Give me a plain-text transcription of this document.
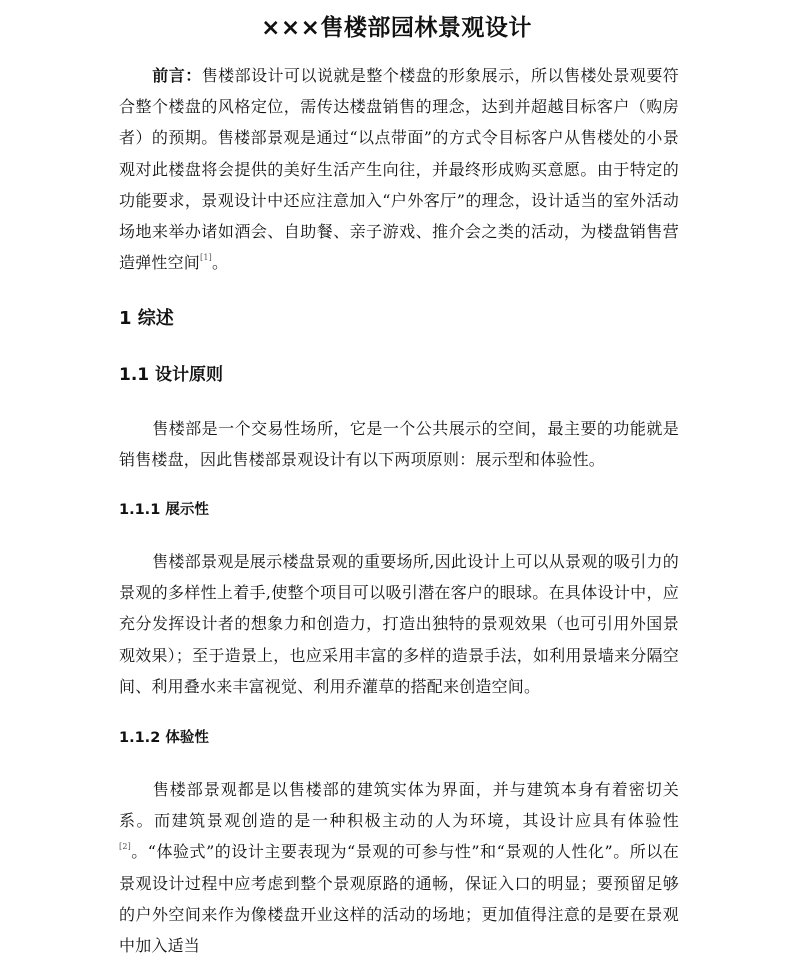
×××售楼部园林景观设计

前言：售楼部设计可以说就是整个楼盘的形象展示，所以售楼处景观要符合整个楼盘的风格定位，需传达楼盘销售的理念，达到并超越目标客户（购房者）的预期。售楼部景观是通过“以点带面”的方式令目标客户从售楼处的小景观对此楼盘将会提供的美好生活产生向往，并最终形成购买意愿。由于特定的功能要求，景观设计中还应注意加入“户外客厅”的理念，设计适当的室外活动场地来举办诸如酒会、自助餐、亲子游戏、推介会之类的活动，为楼盘销售营造弹性空间[1]。

1 综述
1.1 设计原则

售楼部是一个交易性场所，它是一个公共展示的空间，最主要的功能就是销售楼盘，因此售楼部景观设计有以下两项原则：展示型和体验性。

1.1.1 展示性

售楼部景观是展示楼盘景观的重要场所,因此设计上可以从景观的吸引力的景观的多样性上着手,使整个项目可以吸引潜在客户的眼球。在具体设计中，应充分发挥设计者的想象力和创造力，打造出独特的景观效果（也可引用外国景观效果）；至于造景上，也应采用丰富的多样的造景手法，如利用景墙来分隔空间、利用叠水来丰富视觉、利用乔灌草的搭配来创造空间。

1.1.2 体验性

售楼部景观都是以售楼部的建筑实体为界面，并与建筑本身有着密切关系。而建筑景观创造的是一种积极主动的人为环境，其设计应具有体验性[2]。“体验式”的设计主要表现为“景观的可参与性”和“景观的人性化”。所以在景观设计过程中应考虑到整个景观原路的通畅，保证入口的明显；要预留足够的户外空间来作为像楼盘开业这样的活动的场地；更加值得注意的是要在景观中加入适当
